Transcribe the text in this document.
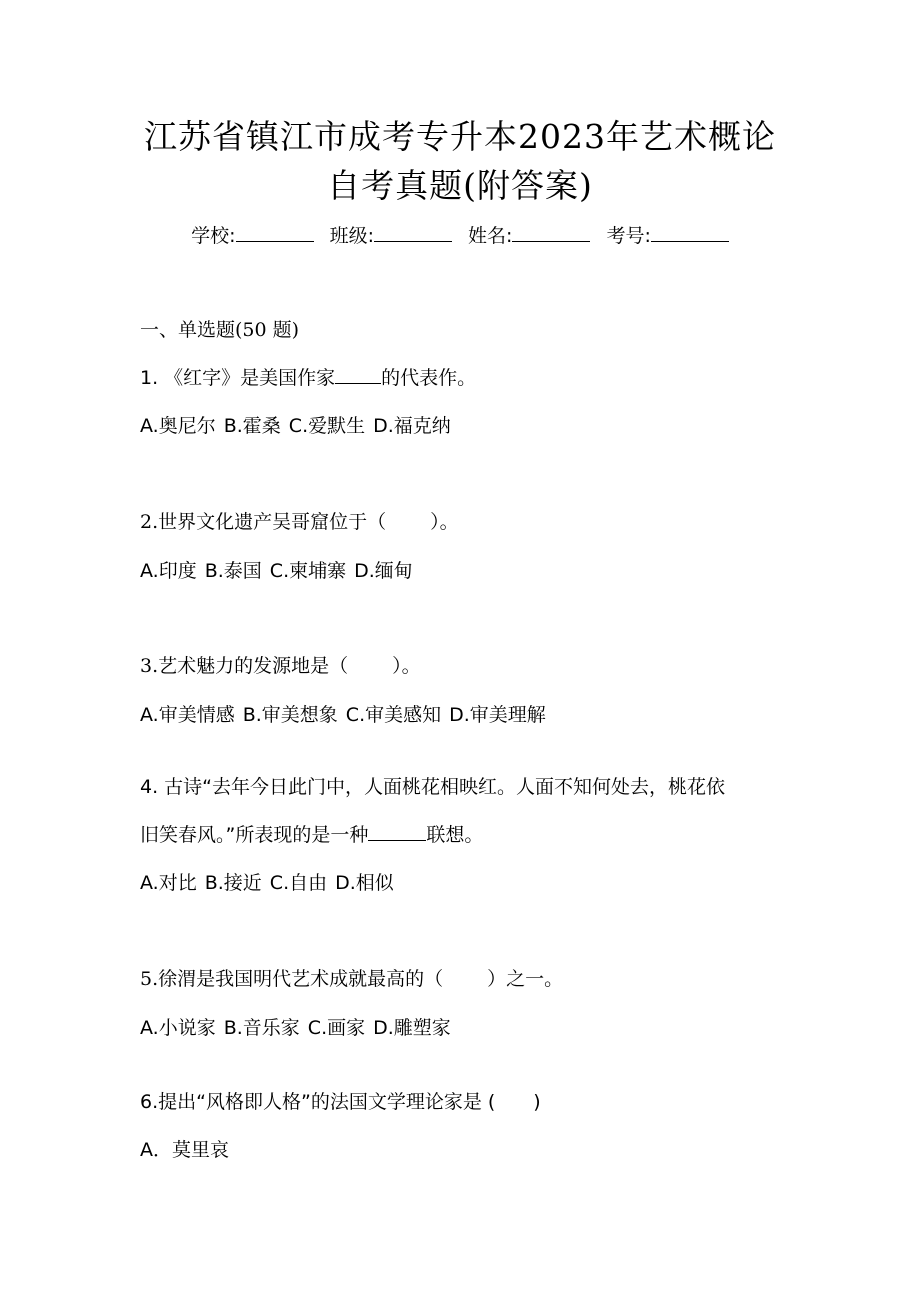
江苏省镇江市成考专升本2023年艺术概论
自考真题(附答案)
学校:	班级:	姓名:	考号:
一、单选题(50 题)
1. 《红字》是美国作家 的代表作。
A.奥尼尔 B.霍桑 C.爱默生 D.福克纳
2.世界文化遗产吴哥窟位于（ ）。
A.印度 B.泰国 C.柬埔寨 D.缅甸
3.艺术魅力的发源地是（ ）。
A.审美情感 B.审美想象 C.审美感知 D.审美理解
4. 古诗“去年今日此门中，人面桃花相映红。人面不知何处去，桃花依
旧笑春风。”所表现的是一种	联想。
A.对比 B.接近 C.自由 D.相似
5.徐渭是我国明代艺术成就最高的（ ）之一。
A.小说家 B.音乐家 C.画家 D.雕塑家
6.提出“风格即人格”的法国文学理论家是 ( )
A．莫里哀
